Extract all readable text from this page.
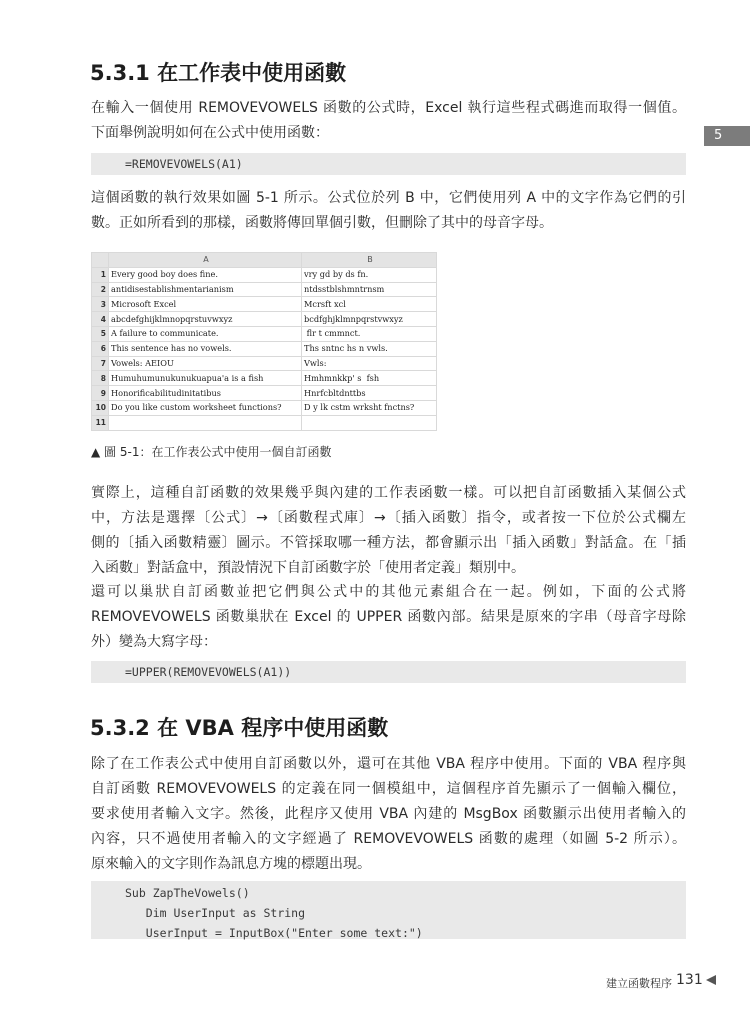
5
5.3.1 在工作表中使用函數

在輸入一個使用 REMOVEVOWELS 函數的公式時，Excel 執行這些程式碼進而取得一個值。
下面舉例說明如何在公式中使用函數：

=REMOVEVOWELS(A1)

這個函數的執行效果如圖 5-1 所示。公式位於列 B 中，它們使用列 A 中的文字作為它們的引
數。正如所看到的那樣，函數將傳回單個引數，但刪除了其中的母音字母。

	A	B
1	Every good boy does fine.	vry gd by ds fn.
2	antidisestablishmentarianism	ntdsstblshmntrnsm
3	Microsoft Excel	Mcrsft xcl
4	abcdefghijklmnopqrstuvwxyz	bcdfghjklmnpqrstvwxyz
5	A failure to communicate.	flr t cmmnct.
6	This sentence has no vowels.	Ths sntnc hs n vwls.
7	Vowels: AEIOU	Vwls:
8	Humuhumunukunukuapua'a is a fish	Hmhmnkkp' s  fsh
9	Honorificabilitudinitatibus	Hnrfcbltdnttbs
10	Do you like custom worksheet functions?	D y lk cstm wrksht fnctns?
11		
▲ 圖 5-1：在工作表公式中使用一個自訂函數

實際上，這種自訂函數的效果幾乎與內建的工作表函數一樣。可以把自訂函數插入某個公式
中，方法是選擇〔公式〕→〔函數程式庫〕→〔插入函數〕指令，或者按一下位於公式欄左
側的〔插入函數精靈〕圖示。不管採取哪一種方法，都會顯示出「插入函數」對話盒。在「插
入函數」對話盒中，預設情況下自訂函數字於「使用者定義」類別中。

還可以巢狀自訂函數並把它們與公式中的其他元素組合在一起。例如，下面的公式將
REMOVEVOWELS 函數巢狀在 Excel 的 UPPER 函數內部。結果是原來的字串（母音字母除
外）變為大寫字母：

=UPPER(REMOVEVOWELS(A1))
5.3.2 在 VBA 程序中使用函數

除了在工作表公式中使用自訂函數以外，還可在其他 VBA 程序中使用。下面的 VBA 程序與
自訂函數 REMOVEVOWELS 的定義在同一個模組中，這個程序首先顯示了一個輸入欄位，
要求使用者輸入文字。然後，此程序又使用 VBA 內建的 MsgBox 函數顯示出使用者輸入的
內容，只不過使用者輸入的文字經過了 REMOVEVOWELS 函數的處理（如圖 5-2 所示）。
原來輸入的文字則作為訊息方塊的標題出現。

Sub ZapTheVowels()
Dim UserInput as String
UserInput = InputBox("Enter some text:")
建立函數程序 131
